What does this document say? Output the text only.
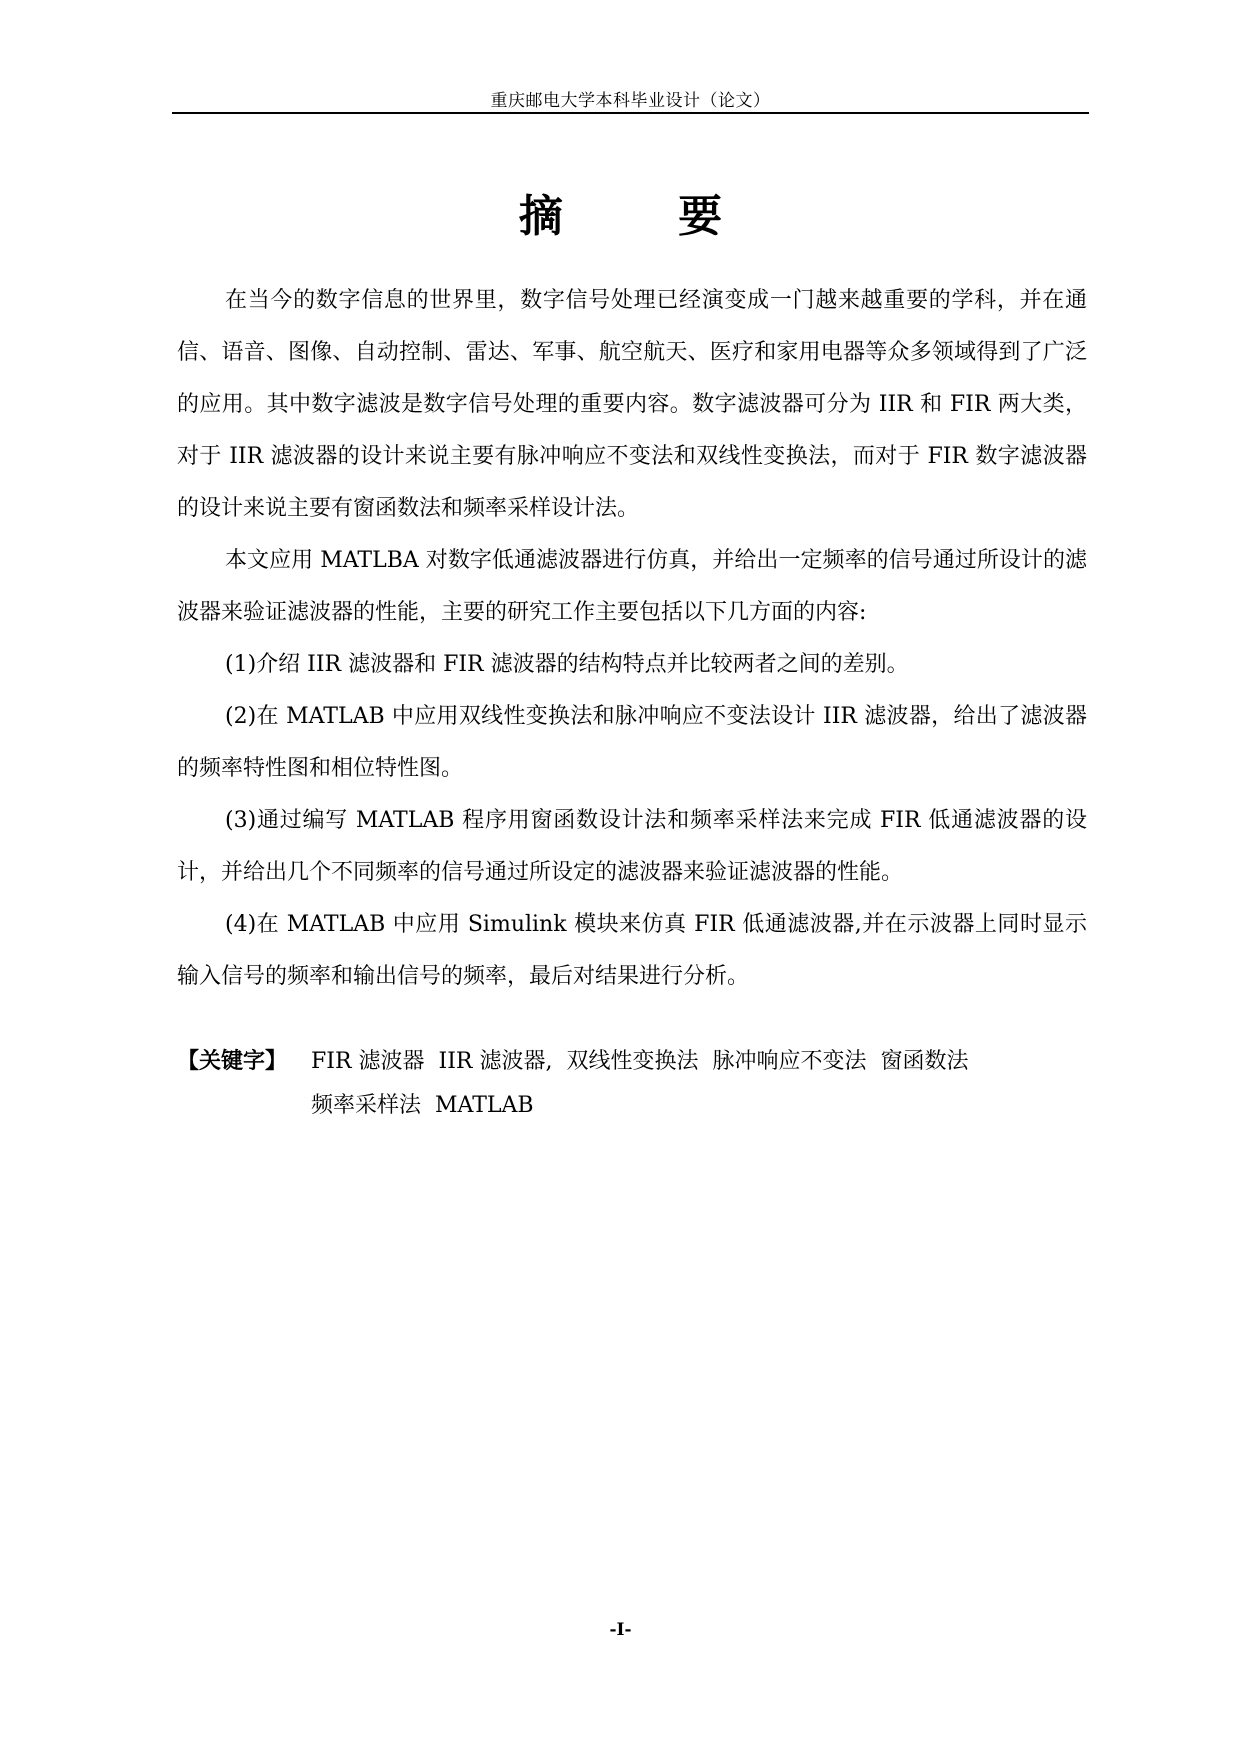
重庆邮电大学本科毕业设计（论文）
摘 要

在当今的数字信息的世界里，数字信号处理已经演变成一门越来越重要的学科，并在通信、语音、图像、自动控制、雷达、军事、航空航天、医疗和家用电器等众多领域得到了广泛的应用。其中数字滤波是数字信号处理的重要内容。数字滤波器可分为 IIR 和 FIR 两大类，对于 IIR 滤波器的设计来说主要有脉冲响应不变法和双线性变换法，而对于 FIR 数字滤波器的设计来说主要有窗函数法和频率采样设计法。

本文应用 MATLBA 对数字低通滤波器进行仿真，并给出一定频率的信号通过所设计的滤波器来验证滤波器的性能，主要的研究工作主要包括以下几方面的内容:

(1)介绍 IIR 滤波器和 FIR 滤波器的结构特点并比较两者之间的差别。

(2)在 MATLAB 中应用双线性变换法和脉冲响应不变法设计 IIR 滤波器，给出了滤波器的频率特性图和相位特性图。

(3)通过编写 MATLAB 程序用窗函数设计法和频率采样法来完成 FIR 低通滤波器的设计，并给出几个不同频率的信号通过所设定的滤波器来验证滤波器的性能。

(4)在 MATLAB 中应用 Simulink 模块来仿真 FIR 低通滤波器,并在示波器上同时显示输入信号的频率和输出信号的频率，最后对结果进行分析。

【关键字】 FIR 滤波器 IIR 滤波器, 双线性变换法 脉冲响应不变法 窗函数法
频率采样法 MATLAB
-I-
